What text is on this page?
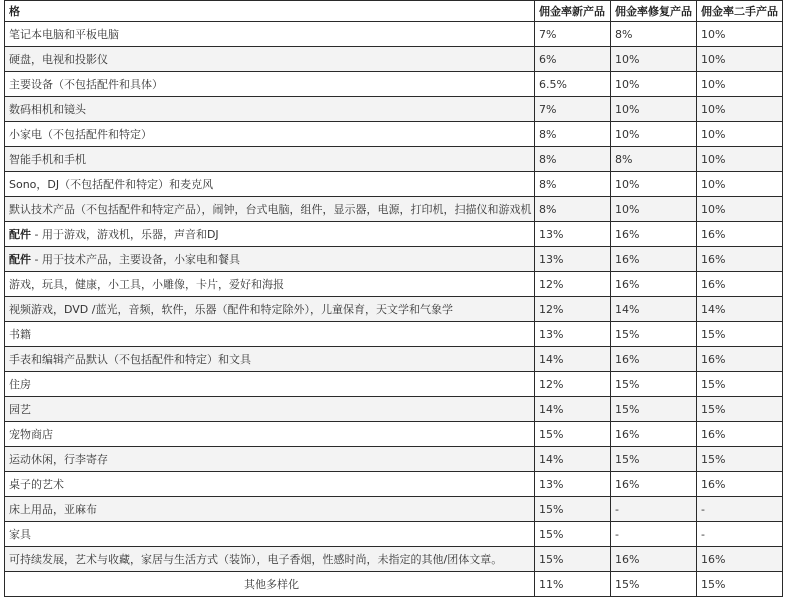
格	佣金率新产品	佣金率修复产品	佣金率二手产品
笔记本电脑和平板电脑	7%	8%	10%
硬盘，电视和投影仪	6%	10%	10%
主要设备（不包括配件和具体）	6.5%	10%	10%
数码相机和镜头	7%	10%	10%
小家电（不包括配件和特定）	8%	10%	10%
智能手机和手机	8%	8%	10%
Sono，DJ（不包括配件和特定）和麦克风	8%	10%	10%
默认技术产品（不包括配件和特定产品），闹钟，台式电脑，组件，显示器，电源，打印机，扫描仪和游戏机	8%	10%	10%
配件 - 用于游戏，游戏机，乐器，声音和DJ	13%	16%	16%
配件 - 用于技术产品，主要设备，小家电和餐具	13%	16%	16%
游戏，玩具，健康，小工具，小雕像，卡片，爱好和海报	12%	16%	16%
视频游戏，DVD /蓝光，音频，软件，乐器（配件和特定除外），儿童保育，天文学和气象学	12%	14%	14%
书籍	13%	15%	15%
手表和编辑产品默认（不包括配件和特定）和文具	14%	16%	16%
住房	12%	15%	15%
园艺	14%	15%	15%
宠物商店	15%	16%	16%
运动休闲，行李寄存	14%	15%	15%
桌子的艺术	13%	16%	16%
床上用品，亚麻布	15%	-	-
家具	15%	-	-
可持续发展，艺术与收藏，家居与生活方式（装饰），电子香烟，性感时尚，未指定的其他/团体文章。	15%	16%	16%
其他多样化	11%	15%	15%
